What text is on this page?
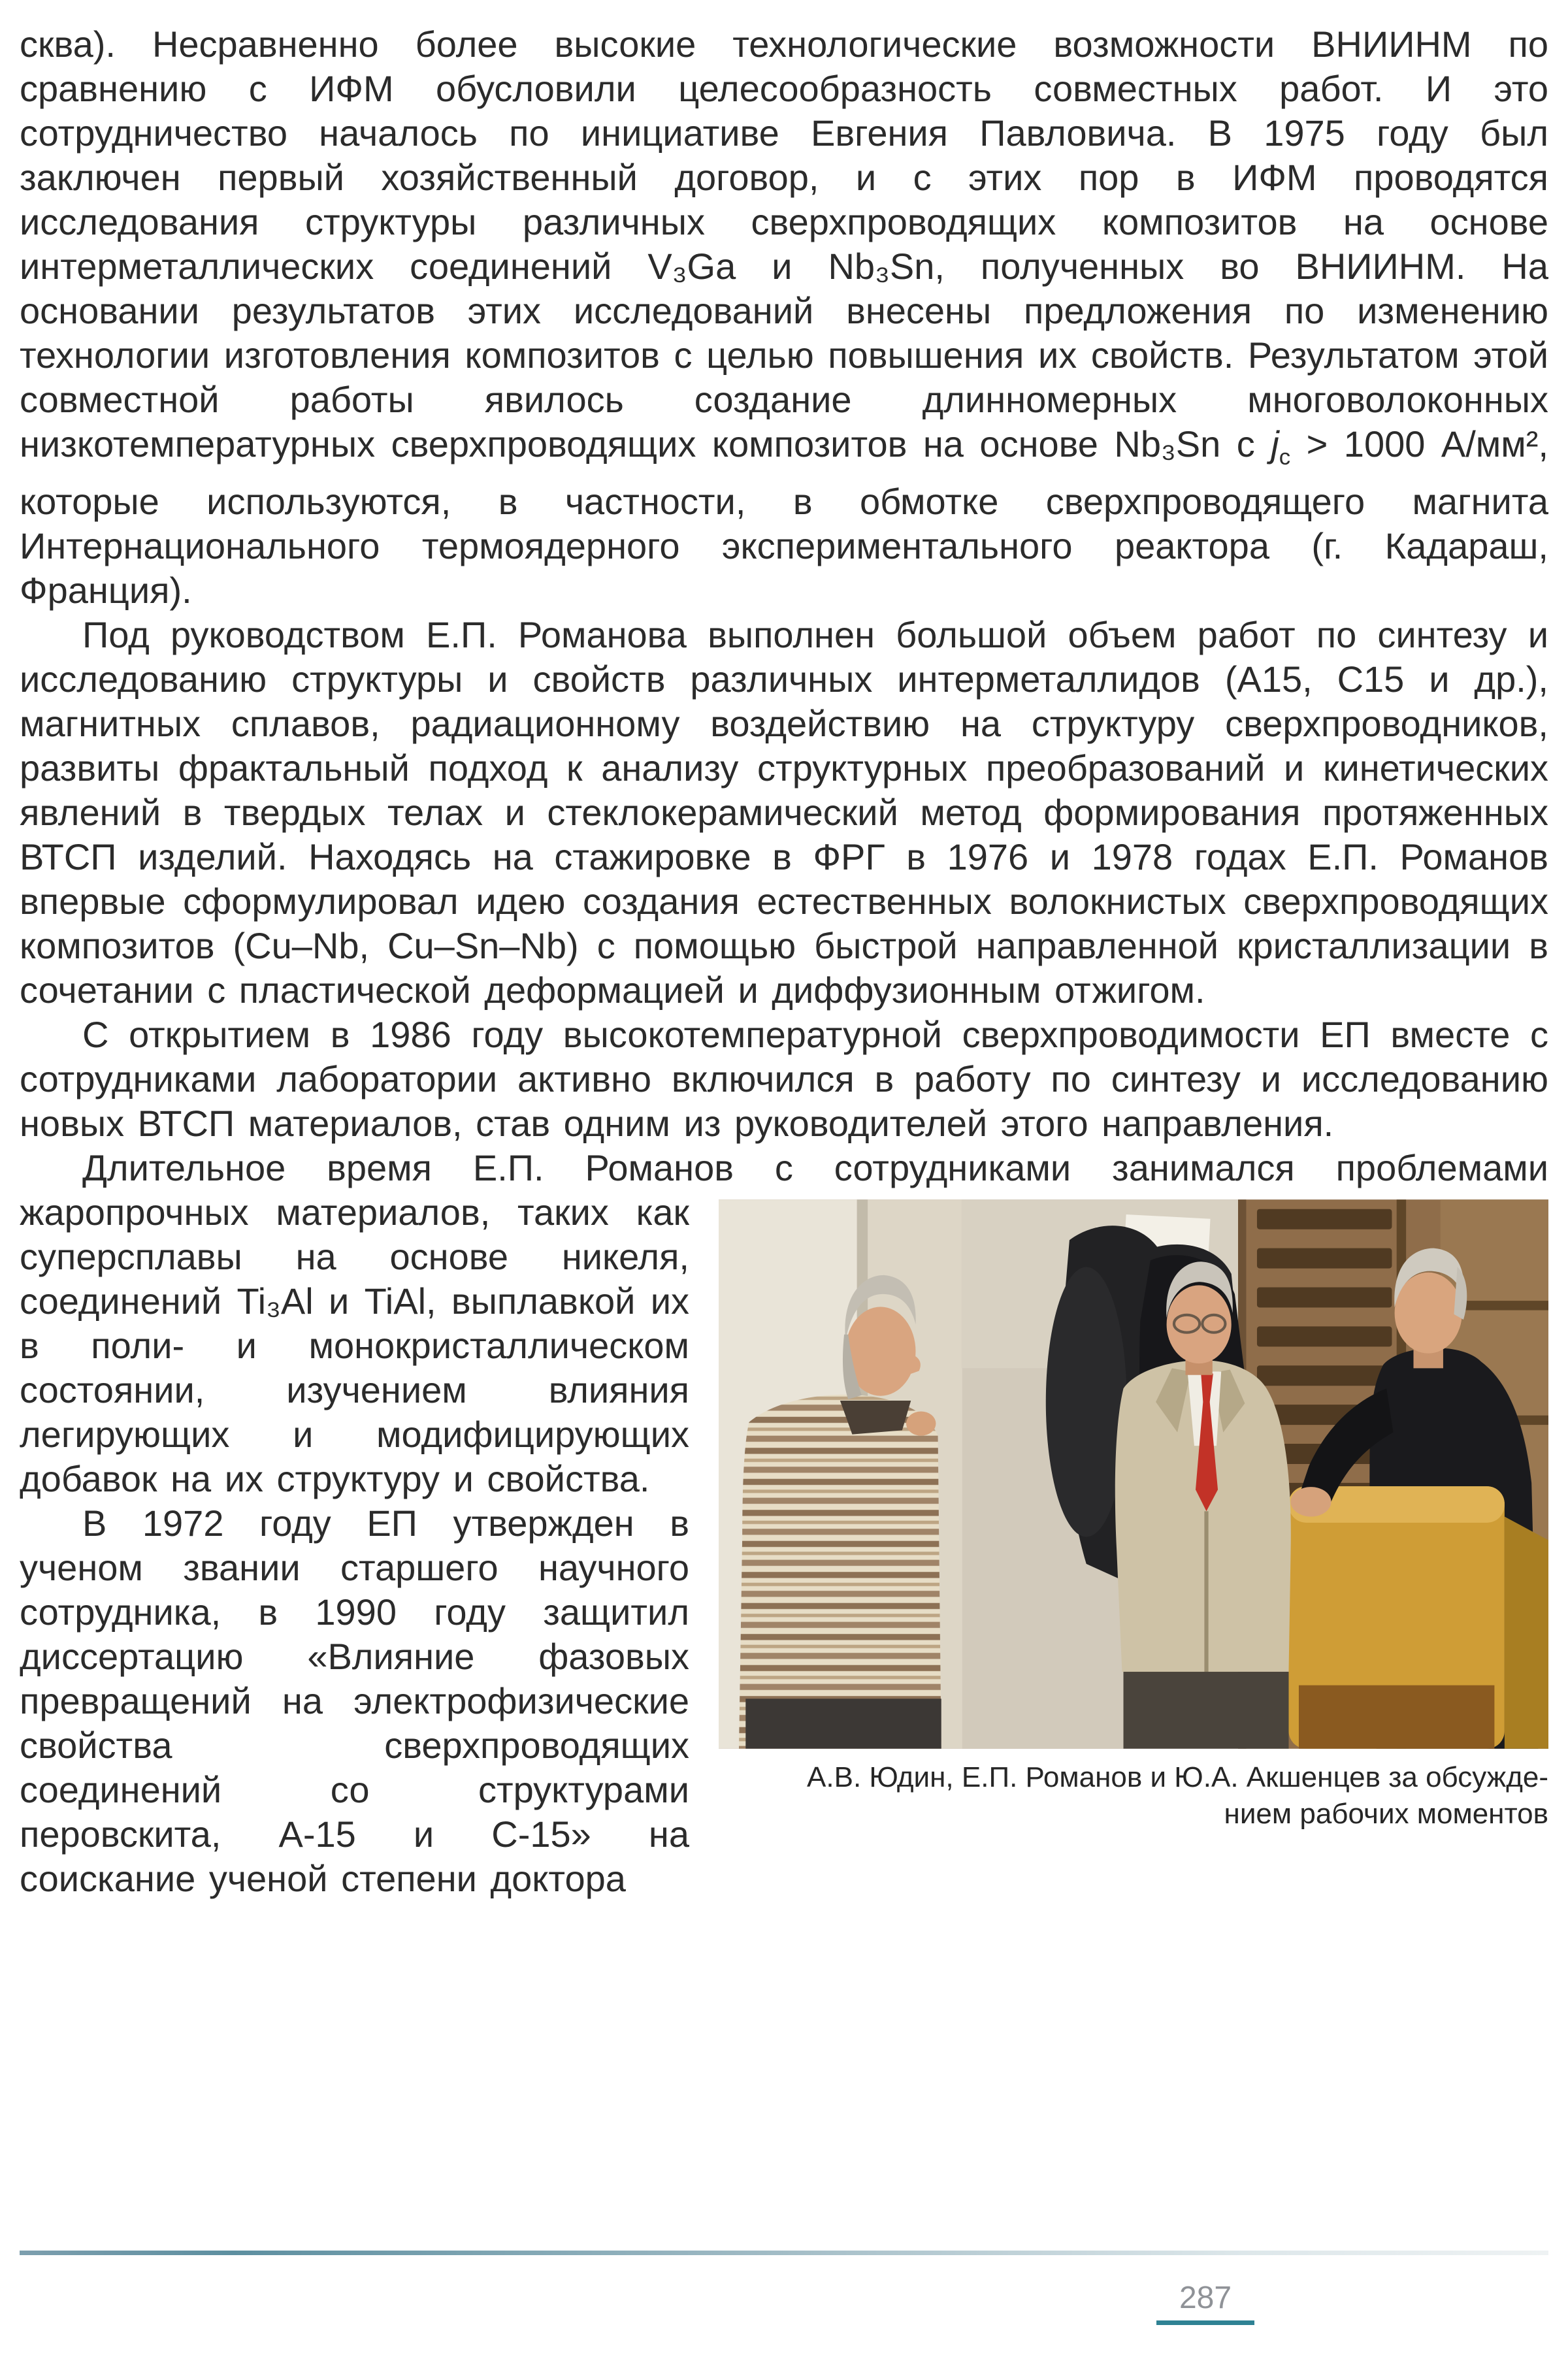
сква). Несравненно более высокие технологические возможности ВНИИНМ по сравнению с ИФМ обусловили целесообразность совместных работ. И это сотрудничество началось по инициативе Евгения Павловича. В 1975 году был заключен первый хозяйственный договор, и с этих пор в ИФМ проводятся исследования структуры различных сверхпроводящих композитов на основе интерметаллических соединений V₃Ga и Nb₃Sn, полученных во ВНИИНМ. На основании результатов этих исследований внесены предложения по изменению технологии изготовления композитов с целью повышения их свойств. Результатом этой совместной работы явилось создание длинномерных многоволоконных низкотемпературных сверхпроводящих композитов на основе Nb₃Sn с $j_c > 1000$ А/мм², которые используются, в частности, в обмотке сверхпроводящего магнита Интернационального термоядерного экспериментального реактора (г. Кадараш, Франция).
Под руководством Е.П. Романова выполнен большой объем работ по синтезу и исследованию структуры и свойств различных интерметаллидов (А15, С15 и др.), магнитных сплавов, радиационному воздействию на структуру сверхпроводников, развиты фрактальный подход к анализу структурных преобразований и кинетических явлений в твердых телах и стеклокерамический метод формирования протяженных ВТСП изделий. Находясь на стажировке в ФРГ в 1976 и 1978 годах Е.П. Романов впервые сформулировал идею создания естественных волокнистых сверхпроводящих композитов (Cu–Nb, Cu–Sn–Nb) с помощью быстрой направленной кристаллизации в сочетании с пластической деформацией и диффузионным отжигом.
С открытием в 1986 году высокотемпературной сверхпроводимости ЕП вместе с сотрудниками лаборатории активно включился в работу по синтезу и исследованию новых ВТСП материалов, став одним из руководителей этого направления.
Длительное время Е.П. Романов с сотрудниками занимался
А.В. Юдин, Е.П. Романов и Ю.А. Акшенцев за обсужде-
нием рабочих моментов
проблемами жаропрочных материалов, таких как суперсплавы на основе никеля, соединений Ti₃Al и TiAl, выплавкой их в поли- и монокристаллическом состоянии, изучением влияния легирующих и модифицирующих добавок на их структуру и свойства.
В 1972 году ЕП утвержден в ученом звании старшего научного сотрудника, в 1990 году защитил диссертацию «Влияние фазовых превращений на электрофизические свойства сверхпроводящих соединений со структурами перовскита, А-15 и С-15» на соискание ученой степени доктора
287
